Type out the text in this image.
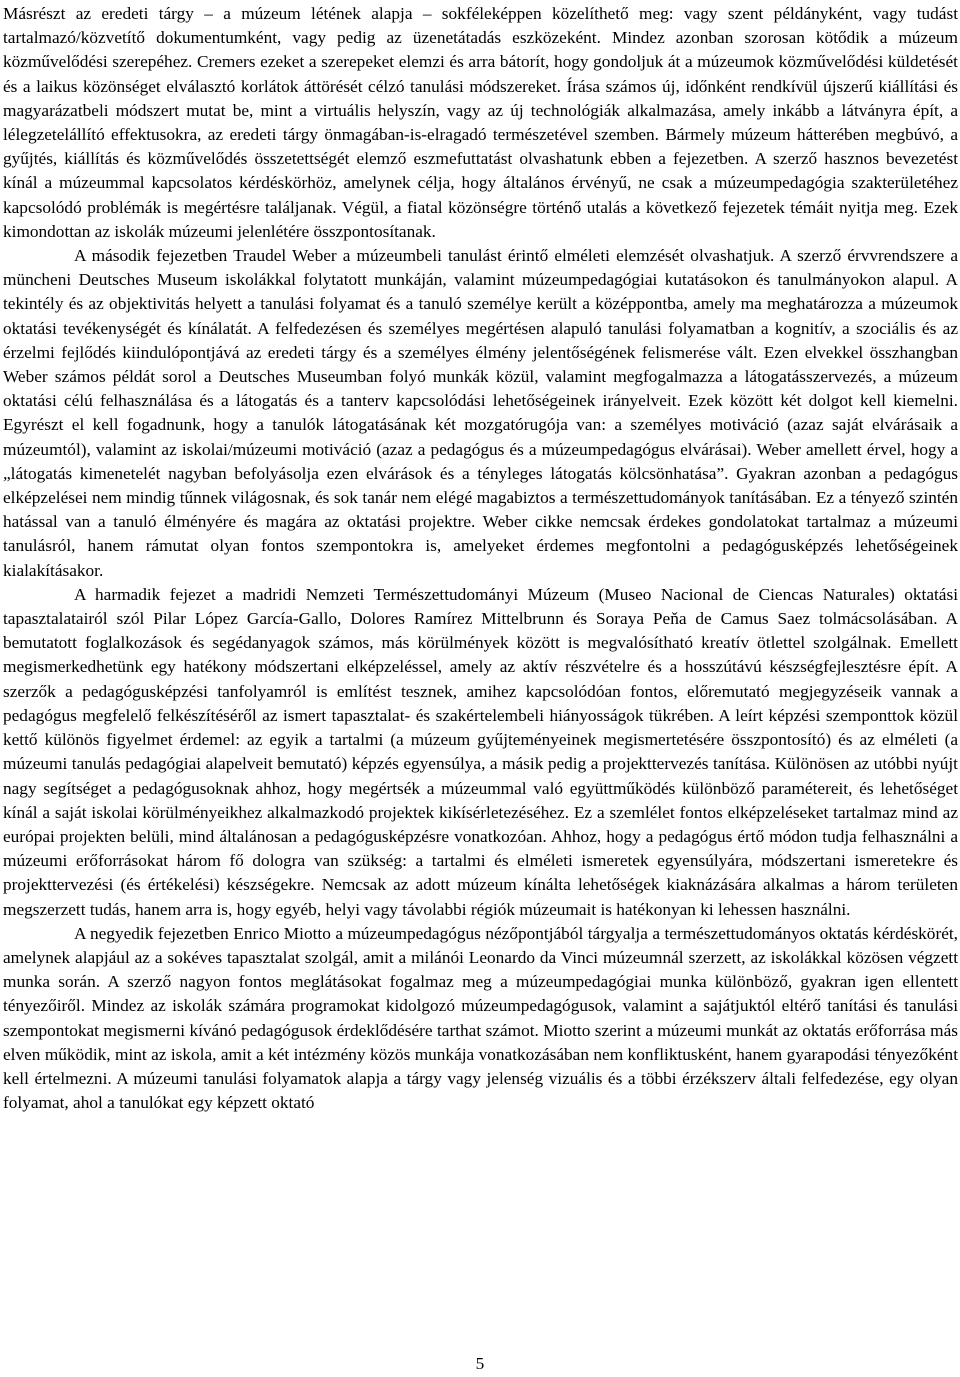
Másrészt az eredeti tárgy – a múzeum létének alapja – sokféleképpen közelíthető meg: vagy szent példányként, vagy tudást tartalmazó/közvetítő dokumentumként, vagy pedig az üzenetátadás eszközeként. Mindez azonban szorosan kötődik a múzeum közművelődési szerepéhez. Cremers ezeket a szerepeket elemzi és arra bátorít, hogy gondoljuk át a múzeumok közművelődési küldetését és a laikus közönséget elválasztó korlátok áttörését célzó tanulási módszereket. Írása számos új, időnként rendkívül újszerű kiállítási és magyarázatbeli módszert mutat be, mint a virtuális helyszín, vagy az új technológiák alkalmazása, amely inkább a látványra épít, a lélegzetelállító effektusokra, az eredeti tárgy önmagában-is-elragadó természetével szemben. Bármely múzeum hátterében megbúvó, a gyűjtés, kiállítás és közművelődés összetettségét elemző eszmefuttatást olvashatunk ebben a fejezetben. A szerző hasznos bevezetést kínál a múzeummal kapcsolatos kérdéskörhöz, amelynek célja, hogy általános érvényű, ne csak a múzeumpedagógia szakterületéhez kapcsolódó problémák is megértésre találjanak. Végül, a fiatal közönségre történő utalás a következő fejezetek témáit nyitja meg. Ezek kimondottan az iskolák múzeumi jelenlétére összpontosítanak.

A második fejezetben Traudel Weber a múzeumbeli tanulást érintő elméleti elemzését olvashatjuk. A szerző érvvrendszere a müncheni Deutsches Museum iskolákkal folytatott munkáján, valamint múzeumpedagógiai kutatásokon és tanulmányokon alapul. A tekintély és az objektivitás helyett a tanulási folyamat és a tanuló személye került a középpontba, amely ma meghatározza a múzeumok oktatási tevékenységét és kínálatát. A felfedezésen és személyes megértésen alapuló tanulási folyamatban a kognitív, a szociális és az érzelmi fejlődés kiindulópontjává az eredeti tárgy és a személyes élmény jelentőségének felismerése vált. Ezen elvekkel összhangban Weber számos példát sorol a Deutsches Museumban folyó munkák közül, valamint megfogalmazza a látogatásszervezés, a múzeum oktatási célú felhasználása és a látogatás és a tanterv kapcsolódási lehetőségeinek irányelveit. Ezek között két dolgot kell kiemelni. Egyrészt el kell fogadnunk, hogy a tanulók látogatásának két mozgatórugója van: a személyes motiváció (azaz saját elvárásaik a múzeumtól), valamint az iskolai/múzeumi motiváció (azaz a pedagógus és a múzeumpedagógus elvárásai). Weber amellett érvel, hogy a „látogatás kimenetelét nagyban befolyásolja ezen elvárások és a tényleges látogatás kölcsönhatása”. Gyakran azonban a pedagógus elképzelései nem mindig tűnnek világosnak, és sok tanár nem elégé magabiztos a természettudományok tanításában. Ez a tényező szintén hatással van a tanuló élményére és magára az oktatási projektre. Weber cikke nemcsak érdekes gondolatokat tartalmaz a múzeumi tanulásról, hanem rámutat olyan fontos szempontokra is, amelyeket érdemes megfontolni a pedagógusképzés lehetőségeinek kialakításakor.

A harmadik fejezet a madridi Nemzeti Természettudományi Múzeum (Museo Nacional de Ciencas Naturales) oktatási tapasztalatairól szól Pilar López García-Gallo, Dolores Ramírez Mittelbrunn és Soraya Peňa de Camus Saez tolmácsolásában. A bemutatott foglalkozások és segédanyagok számos, más körülmények között is megvalósítható kreatív ötlettel szolgálnak. Emellett megismerkedhetünk egy hatékony módszertani elképzeléssel, amely az aktív részvételre és a hosszútávú készségfejlesztésre épít. A szerzők a pedagógusképzési tanfolyamról is említést tesznek, amihez kapcsolódóan fontos, előremutató megjegyzéseik vannak a pedagógus megfelelő felkészítéséről az ismert tapasztalat- és szakértelembeli hiányosságok tükrében. A leírt képzési szemponttok közül kettő különös figyelmet érdemel: az egyik a tartalmi (a múzeum gyűjteményeinek megismertetésére összpontosító) és az elméleti (a múzeumi tanulás pedagógiai alapelveit bemutató) képzés egyensúlya, a másik pedig a projekttervezés tanítása. Különösen az utóbbi nyújt nagy segítséget a pedagógusoknak ahhoz, hogy megértsék a múzeummal való együttműködés különböző paramétereit, és lehetőséget kínál a saját iskolai körülményeikhez alkalmazkodó projektek kikísérletezéséhez. Ez a szemlélet fontos elképzeléseket tartalmaz mind az európai projekten belüli, mind általánosan a pedagógusképzésre vonatkozóan. Ahhoz, hogy a pedagógus értő módon tudja felhasználni a múzeumi erőforrásokat három fő dologra van szükség: a tartalmi és elméleti ismeretek egyensúlyára, módszertani ismeretekre és projekttervezési (és értékelési) készségekre. Nemcsak az adott múzeum kínálta lehetőségek kiaknázására alkalmas a három területen megszerzett tudás, hanem arra is, hogy egyéb, helyi vagy távolabbi régiók múzeumait is hatékonyan ki lehessen használni.

A negyedik fejezetben Enrico Miotto a múzeumpedagógus nézőpontjából tárgyalja a természettudományos oktatás kérdéskörét, amelynek alapjául az a sokéves tapasztalat szolgál, amit a milánói Leonardo da Vinci múzeumnál szerzett, az iskolákkal közösen végzett munka során. A szerző nagyon fontos meglátásokat fogalmaz meg a múzeumpedagógiai munka különböző, gyakran igen ellentett tényezőiről. Mindez az iskolák számára programokat kidolgozó múzeumpedagógusok, valamint a sajátjuktól eltérő tanítási és tanulási szempontokat megismerni kívánó pedagógusok érdeklődésére tarthat számot. Miotto szerint a múzeumi munkát az oktatás erőforrása más elven működik, mint az iskola, amit a két intézmény közös munkája vonatkozásában nem konfliktusként, hanem gyarapodási tényezőként kell értelmezni. A múzeumi tanulási folyamatok alapja a tárgy vagy jelenség vizuális és a többi érzékszerv általi felfedezése, egy olyan folyamat, ahol a tanulókat egy képzett oktató

5
